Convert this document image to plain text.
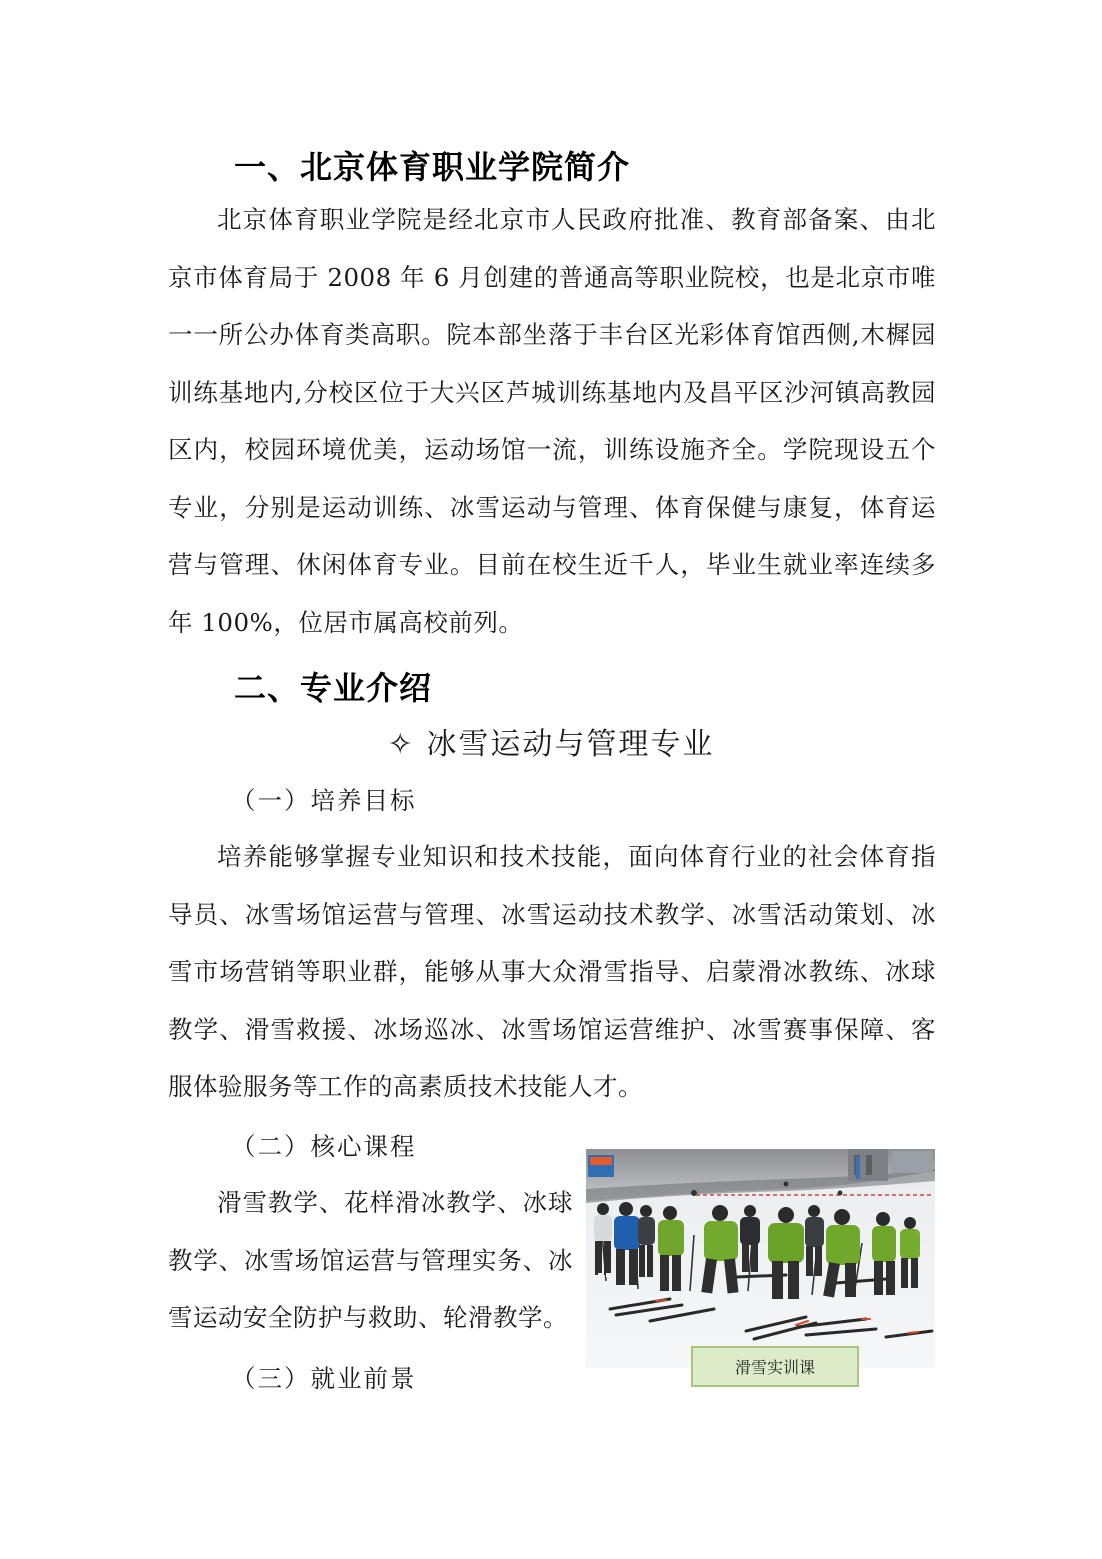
一、北京体育职业学院简介
北京体育职业学院是经北京市人民政府批准、教育部备案、由北京市体育局于 2008 年 6 月创建的普通高等职业院校，也是北京市唯一一所公办体育类高职。院本部坐落于丰台区光彩体育馆西侧,木樨园训练基地内,分校区位于大兴区芦城训练基地内及昌平区沙河镇高教园区内，校园环境优美，运动场馆一流，训练设施齐全。学院现设五个专业，分别是运动训练、冰雪运动与管理、体育保健与康复，体育运营与管理、休闲体育专业。目前在校生近千人，毕业生就业率连续多年 100%，位居市属高校前列。
二、专业介绍
✧ 冰雪运动与管理专业
（一）培养目标
培养能够掌握专业知识和技术技能，面向体育行业的社会体育指导员、冰雪场馆运营与管理、冰雪运动技术教学、冰雪活动策划、冰雪市场营销等职业群，能够从事大众滑雪指导、启蒙滑冰教练、冰球教学、滑雪救援、冰场巡冰、冰雪场馆运营维护、冰雪赛事保障、客服体验服务等工作的高素质技术技能人才。
（二）核心课程
滑雪教学、花样滑冰教学、冰球教学、冰雪场馆运营与管理实务、冰雪运动安全防护与救助、轮滑教学。
（三）就业前景	滑雪实训课
